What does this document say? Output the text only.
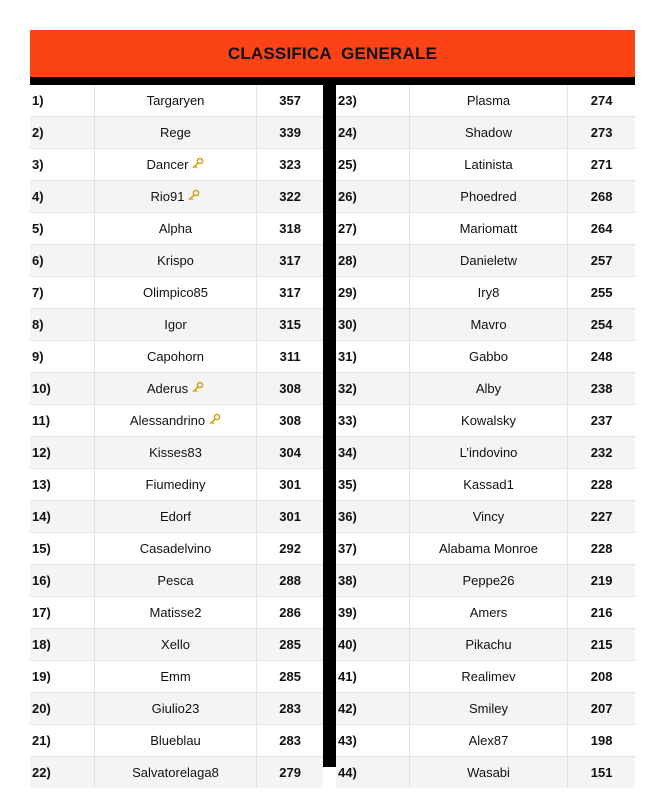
CLASSIFICA  GENERALE
1)	Targaryen	357
2)	Rege	339
3)	Dancer	323
4)	Rio91	322
5)	Alpha	318
6)	Krispo	317
7)	Olimpico85	317
8)	Igor	315
9)	Capohorn	311
10)	Aderus	308
11)	Alessandrino	308
12)	Kisses83	304
13)	Fiumediny	301
14)	Edorf	301
15)	Casadelvino	292
16)	Pesca	288
17)	Matisse2	286
18)	Xello	285
19)	Emm	285
20)	Giulio23	283
21)	Blueblau	283
22)	Salvatorelaga8	279
23)	Plasma	274
24)	Shadow	273
25)	Latinista	271
26)	Phoedred	268
27)	Mariomatt	264
28)	Danieletw	257
29)	Iry8	255
30)	Mavro	254
31)	Gabbo	248
32)	Alby	238
33)	Kowalsky	237
34)	L’indovino	232
35)	Kassad1	228
36)	Vincy	227
37)	Alabama Monroe	228
38)	Peppe26	219
39)	Amers	216
40)	Pikachu	215
41)	Realimev	208
42)	Smiley	207
43)	Alex87	198
44)	Wasabi	151
